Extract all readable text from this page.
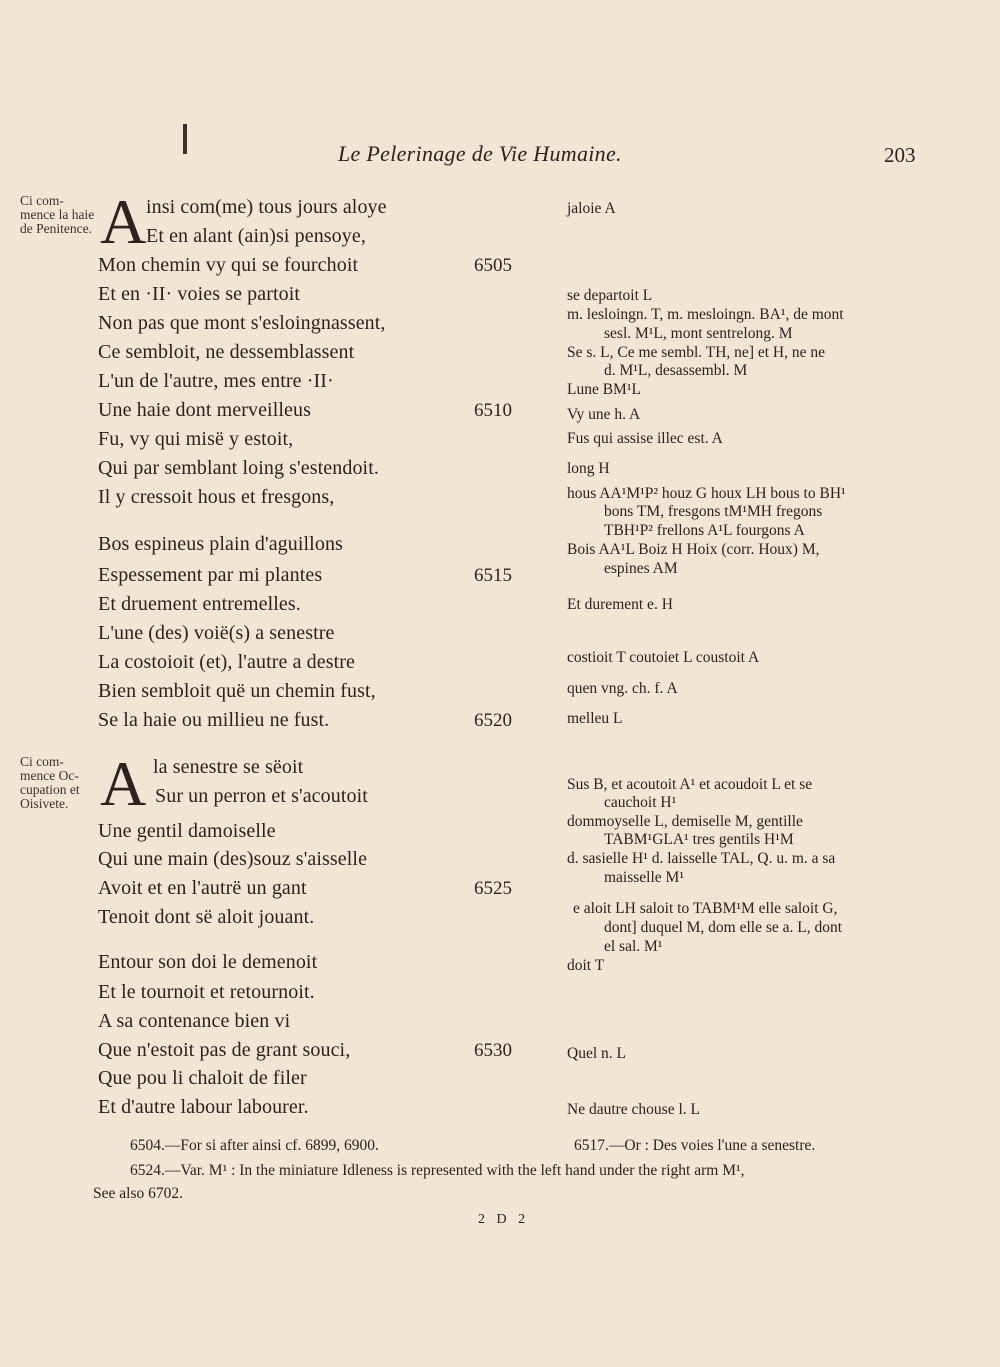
Le Pelerinage de Vie Humaine.	203
Ci com- mence la haie de Penitence.
Ci com- mence Oc- cupation et Oisivete.
A
A
insi com(me) tous jours aloye
Et en alant (ain)si pensoye,
Mon chemin vy qui se fourchoit
Et en ·II· voies se partoit
Non pas que mont s'esloingnassent,
Ce sembloit, ne dessemblassent
L'un de l'autre, mes entre ·II·
Une haie dont merveilleus
Fu, vy qui misë y estoit,
Qui par semblant loing s'estendoit.
Il y cressoit hous et fresgons,
Bos espineus plain d'aguillons
Espessement par mi plantes
Et druement entremelles.
L'une (des) voië(s) a senestre
La costoioit (et), l'autre a destre
Bien sembloit quë un chemin fust,
Se la haie ou millieu ne fust.
la senestre se sëoit
Sur un perron et s'acoutoit
Une gentil damoiselle
Qui une main (des)souz s'aisselle
Avoit et en l'autrë un gant
Tenoit dont së aloit jouant.
Entour son doi le demenoit
Et le tournoit et retournoit.
A sa contenance bien vi
Que n'estoit pas de grant souci,
Que pou li chaloit de filer
Et d'autre labour labourer.
6505
6510
6515
6520
6525
6530
jaloie A
se departoit L
m. lesloingn. T, m. mesloingn. BA¹, de mont
sesl. M¹L, mont sentrelong. M
Se s. L, Ce me sembl. TH, ne] et H, ne ne
d. M¹L, desassembl. M
Lune BM¹L
Vy une h. A
Fus qui assise illec est. A
long H
hous AA¹M¹P² houz G houx LH bous to BH¹
bons TM, fresgons tM¹MH fregons
TBH¹P² frellons A¹L fourgons A
Bois AA¹L Boiz H Hoix (corr. Houx) M,
espines AM
Et durement e. H
costioit T coutoiet L coustoit A
quen vng. ch. f. A
melleu L
Sus B, et acoutoit A¹ et acoudoit L et se
cauchoit H¹
dommoyselle L, demiselle M, gentille
TABM¹GLA¹ tres gentils H¹M
d. sasielle H¹ d. laisselle TAL, Q. u. m. a sa
maisselle M¹
e aloit LH saloit to TABM¹M elle saloit G,
dont] duquel M, dom elle se a. L, dont
el sal. M¹
doit T
Quel n. L
Ne dautre chouse l. L
6504.—For si after ainsi cf. 6899, 6900.	6517.—Or : Des voies l'une a senestre.
6524.—Var. M¹ : In the miniature Idleness is represented with the left hand under the right arm M¹,
See also 6702.
2 D 2
